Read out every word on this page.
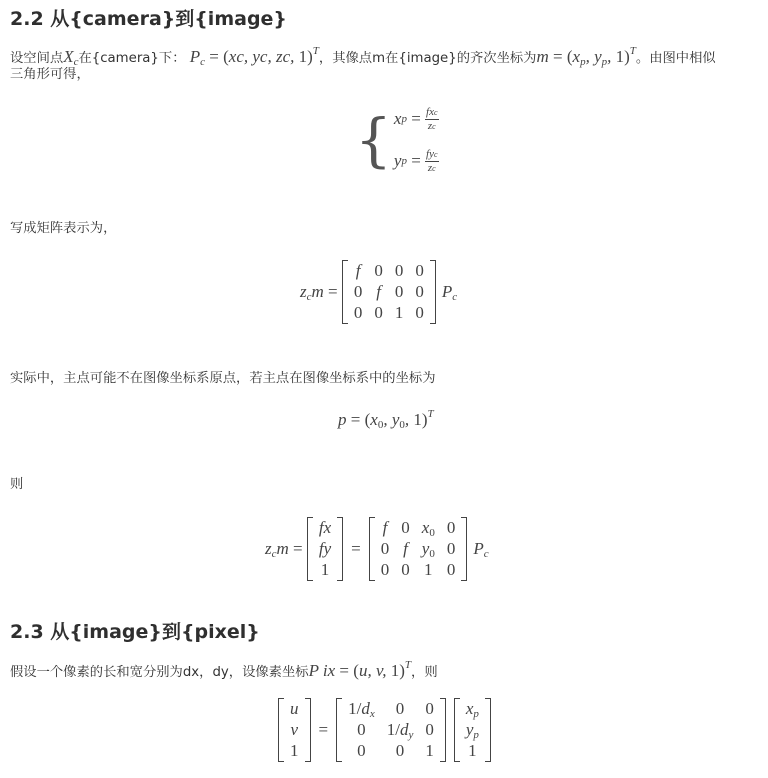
2.2 从{camera}到{image}
设空间点$X_c$在{camera}下： $P_c = (xc$, yc, zc, 1)$^T$，其像点m在{image}的齐次坐标为$m = (x_p$, $y_p$, 1)$^T$。由图中相似
三角形可得，
{ x p
=
$\frac{\text{fxc}}{zc}$
y p
=
$\frac{\text{fyc}}{zc}$
写成矩阵表示为，
$z_cm$ =
f	0	0	0
0	f	0	0
0	0	1	0
$P_c$
实际中，主点可能不在图像坐标系原点，若主点在图像坐标系中的坐标为
$p = (x_0$, $y_0$, 1)$^T$
则
$z_cm$ =
fx
fy
1
=
f	0	$x_0$	0
0	f	$y_0$	0
0	0	1	0
$P_c$
2.3 从{image}到{pixel}
假设一个像素的长和宽分别为dx，dy，设像素坐标P ix = (u, v, 1)$^T$，则
u
v
1
=
$1/d_x$	0	0
0	$1/d_y$	0
0	0	1
$x_p$
$y_p$
1
